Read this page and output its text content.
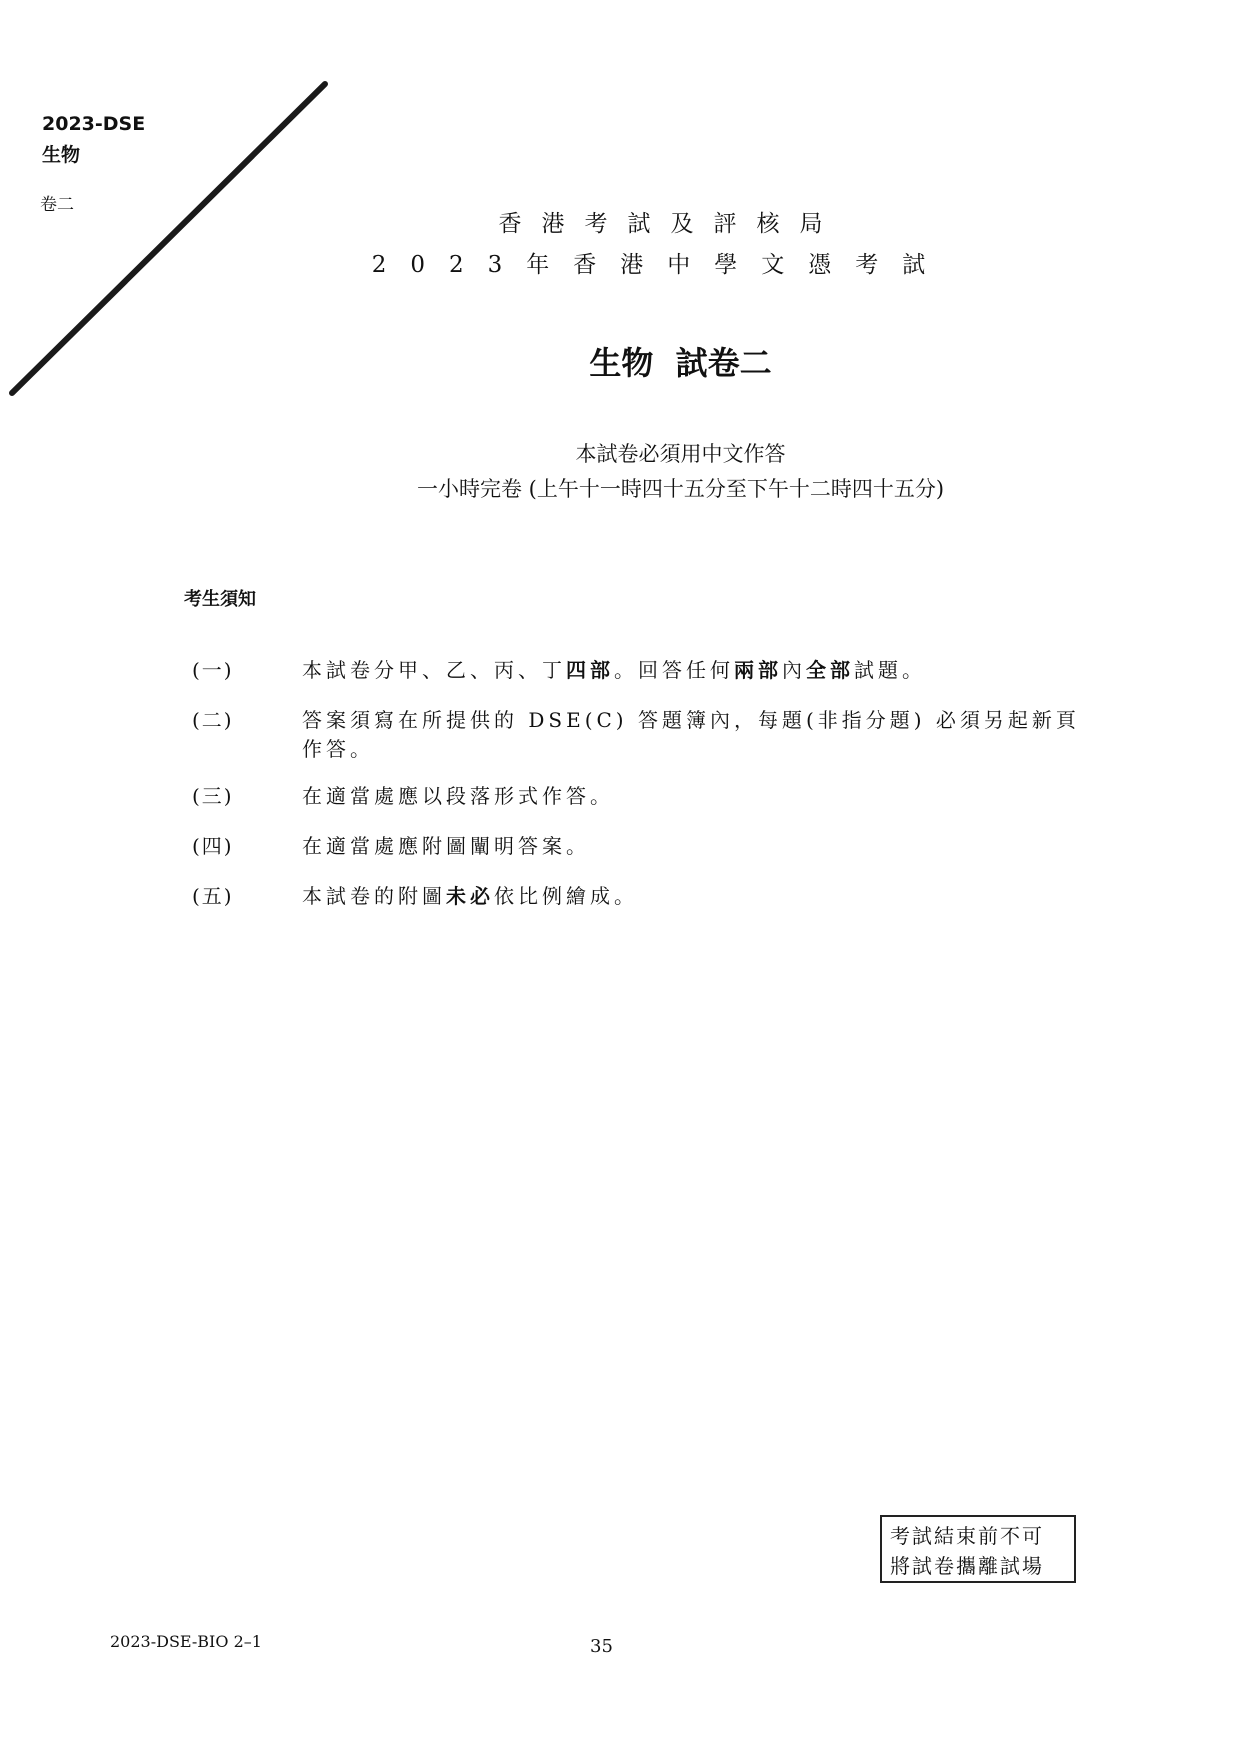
2023-DSE
生物
卷二
香港考試及評核局
2023年香港中學文憑考試
生物  試卷二
本試卷必須用中文作答
一小時完卷 (上午十一時四十五分至下午十二時四十五分)
考生須知
(一)	本試卷分甲、乙、丙、丁四部。回答任何兩部內全部試題。
(二)	答案須寫在所提供的 DSE(C) 答題簿內，每題(非指分題) 必須另起新頁作答。
(三)	在適當處應以段落形式作答。
(四)	在適當處應附圖闡明答案。
(五)	本試卷的附圖未必依比例繪成。
考試結束前不可
將試卷攜離試場
2023-DSE-BIO 2–1	35
